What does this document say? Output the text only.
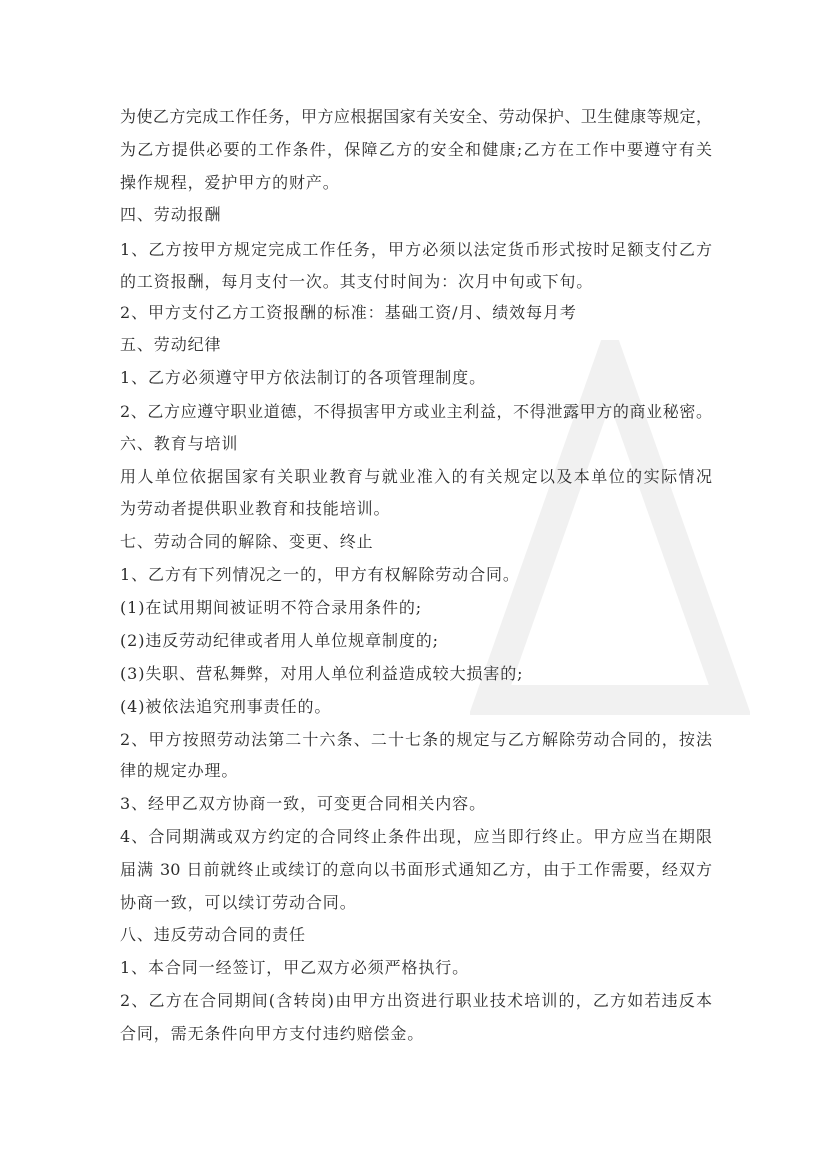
为使乙方完成工作任务，甲方应根据国家有关安全、劳动保护、卫生健康等规定，
为乙方提供必要的工作条件，保障乙方的安全和健康;乙方在工作中要遵守有关
操作规程，爱护甲方的财产。
四、劳动报酬
1、乙方按甲方规定完成工作任务，甲方必须以法定货币形式按时足额支付乙方
的工资报酬，每月支付一次。其支付时间为：次月中旬或下旬。
2、甲方支付乙方工资报酬的标准：基础工资/月、绩效每月考
五、劳动纪律
1、乙方必须遵守甲方依法制订的各项管理制度。
2、乙方应遵守职业道德，不得损害甲方或业主利益，不得泄露甲方的商业秘密。
六、教育与培训
用人单位依据国家有关职业教育与就业准入的有关规定以及本单位的实际情况
为劳动者提供职业教育和技能培训。
七、劳动合同的解除、变更、终止
1、乙方有下列情况之一的，甲方有权解除劳动合同。
(1)在试用期间被证明不符合录用条件的;
(2)违反劳动纪律或者用人单位规章制度的;
(3)失职、营私舞弊，对用人单位利益造成较大损害的;
(4)被依法追究刑事责任的。
2、甲方按照劳动法第二十六条、二十七条的规定与乙方解除劳动合同的，按法
律的规定办理。
3、经甲乙双方协商一致，可变更合同相关内容。
4、合同期满或双方约定的合同终止条件出现，应当即行终止。甲方应当在期限
届满 30 日前就终止或续订的意向以书面形式通知乙方，由于工作需要，经双方
协商一致，可以续订劳动合同。
八、违反劳动合同的责任
1、本合同一经签订，甲乙双方必须严格执行。
2、乙方在合同期间(含转岗)由甲方出资进行职业技术培训的，乙方如若违反本
合同，需无条件向甲方支付违约赔偿金。
